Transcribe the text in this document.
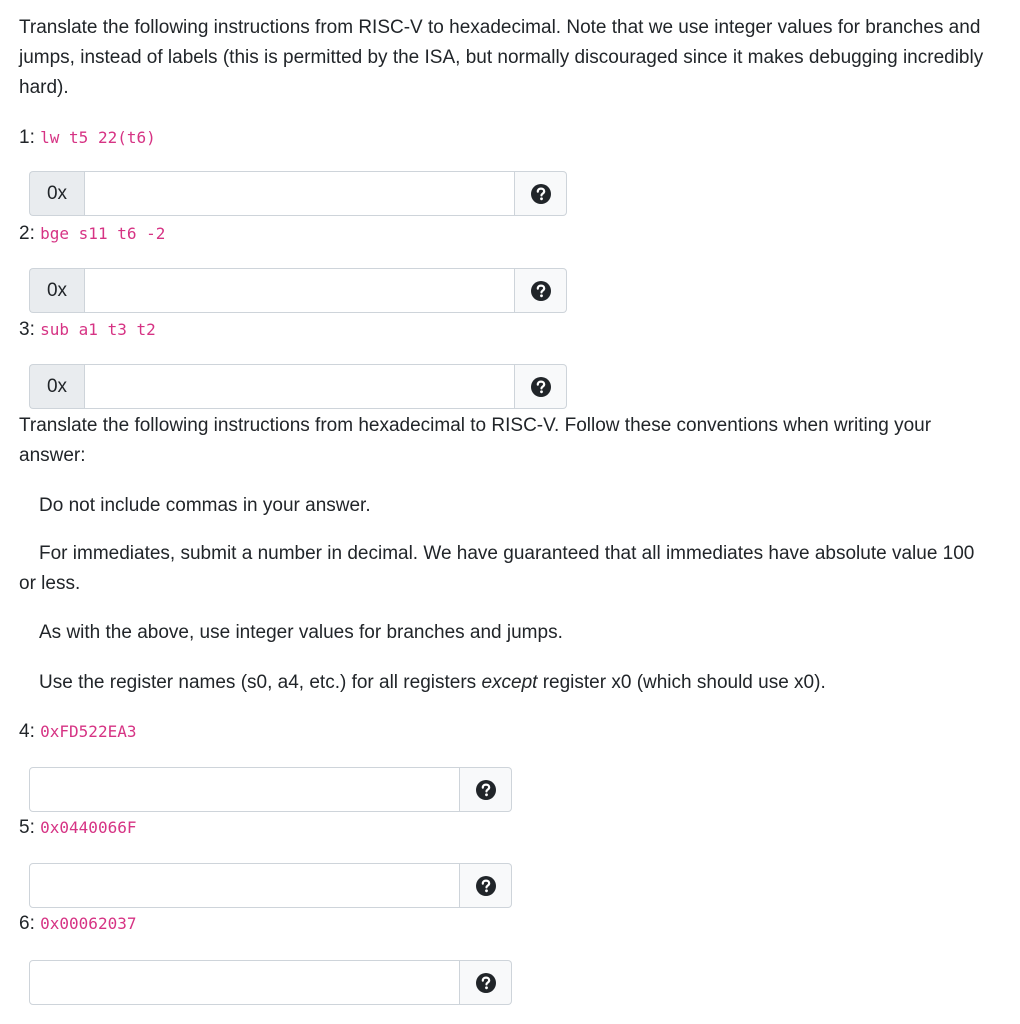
Translate the following instructions from RISC-V to hexadecimal. Note that we use integer values for branches and jumps, instead of labels (this is permitted by the ISA, but normally discouraged since it makes debugging incredibly hard).

1: lw t5 22(t6)
0x
2: bge s11 t6 -2
0x
3: sub a1 t3 t2
0x

Translate the following instructions from hexadecimal to RISC-V. Follow these conventions when writing your answer:

Do not include commas in your answer.

For immediates, submit a number in decimal. We have guaranteed that all immediates have absolute value 100 or less.

As with the above, use integer values for branches and jumps.

Use the register names (s0, a4, etc.) for all registers except register x0 (which should use x0).

4: 0xFD522EA3
5: 0x0440066F
6: 0x00062037
